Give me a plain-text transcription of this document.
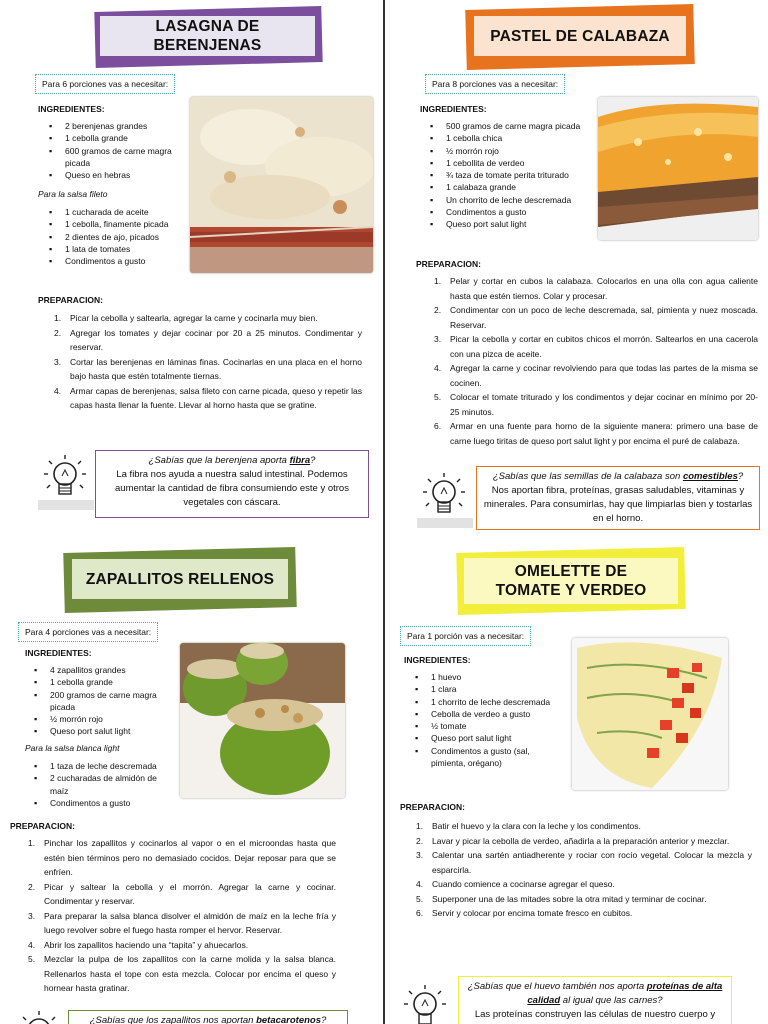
LASAGNA DE BERENJENAS
Para 6 porciones vas a necesitar:
INGREDIENTES:
▪ 2 berenjenas grandes
▪ 1 cebolla grande
▪ 600 gramos de carne magra picada
▪ Queso en hebras
Para la salsa fileto
▪ 1 cucharada de aceite
▪ 1 cebolla, finamente picada
▪ 2 dientes de ajo, picados
▪ 1 lata de tomates
▪ Condimentos a gusto
PREPARACION:
1. Picar la cebolla y saltearla, agregar la carne y cocinarla muy bien.
2. Agregar los tomates y dejar cocinar por 20 a 25 minutos. Condimentar y reservar.
3. Cortar las berenjenas en láminas finas. Cocinarlas en una placa en el horno bajo hasta que estén totalmente tiernas.
4. Armar capas de berenjenas, salsa fileto con carne picada, queso y repetir las capas hasta llenar la fuente. Llevar al horno hasta que se gratine.
¿Sabías que la berenjena aporta fibra?
La fibra nos ayuda a nuestra salud intestinal. Podemos aumentar la cantidad de fibra consumiendo este y otros vegetales con cáscara.
PASTEL DE CALABAZA
Para 8 porciones vas a necesitar:
INGREDIENTES:
▪ 500 gramos de carne magra picada
▪ 1 cebolla chica
▪ ½ morrón rojo
▪ 1 cebollita de verdeo
▪ ¾ taza de tomate perita triturado
▪ 1 calabaza grande
▪ Un chorrito de leche descremada
▪ Condimentos a gusto
▪ Queso port salut light
PREPARACION:
1. Pelar y cortar en cubos la calabaza. Colocarlos en una olla con agua caliente hasta que estén tiernos. Colar y procesar.
2. Condimentar con un poco de leche descremada, sal, pimienta y nuez moscada. Reservar.
3. Picar la cebolla y cortar en cubitos chicos el morrón. Saltearlos en una cacerola con una pizca de aceite.
4. Agregar la carne y cocinar revolviendo para que todas las partes de la misma se cocinen.
5. Colocar el tomate triturado y los condimentos y dejar cocinar en mínimo por 20-25 minutos.
6. Armar en una fuente para horno de la siguiente manera: primero una base de carne luego tiritas de queso port salut light y por encima el puré de calabaza.
¿Sabías que las semillas de la calabaza son comestibles?
Nos aportan fibra, proteínas, grasas saludables, vitaminas y minerales. Para consumirlas, hay que limpiarlas bien y tostarlas en el horno.
ZAPALLITOS RELLENOS
Para 4 porciones vas a necesitar:
INGREDIENTES:
▪ 4 zapallitos grandes
▪ 1 cebolla grande
▪ 200 gramos de carne magra picada
▪ ½ morrón rojo
▪ Queso port salut light
Para la salsa blanca light
▪ 1 taza de leche descremada
▪ 2 cucharadas de almidón de maíz
▪ Condimentos a gusto
PREPARACION:
1. Pinchar los zapallitos y cocinarlos al vapor o en el microondas hasta que estén bien términos pero no demasiado cocidos. Dejar reposar para que se enfríen.
2. Picar y saltear la cebolla y el morrón. Agregar la carne y cocinar. Condimentar y reservar.
3. Para preparar la salsa blanca disolver el almidón de maíz en la leche fría y luego revolver sobre el fuego hasta romper el hervor. Reservar.
4. Abrir los zapallitos haciendo una “tapita” y ahuecarlos.
5. Mezclar la pulpa de los zapallitos con la carne molida y la salsa blanca. Rellenarlos hasta el tope con esta mezcla. Colocar por encima el queso y hornear hasta gratinar.
¿Sabías que los zapallitos nos aportan betacarotenos?
OMELETTE DE
TOMATE Y VERDEO
Para 1 porción vas a necesitar:
INGREDIENTES:
▪ 1 huevo
▪ 1 clara
▪ 1 chorrito de leche descremada
▪ Cebolla de verdeo a gusto
▪ ½ tomate
▪ Queso port salut light
▪ Condimentos a gusto (sal, pimienta, orégano)
PREPARACION:
1. Batir el huevo y la clara con la leche y los condimentos.
2. Lavar y picar la cebolla de verdeo, añadirla a la preparación anterior y mezclar.
3. Calentar una sartén antiadherente y rociar con rocío vegetal. Colocar la mezcla y esparcirla.
4. Cuando comience a cocinarse agregar el queso.
5. Superponer una de las mitades sobre la otra mitad y terminar de cocinar.
6. Servir y colocar por encima tomate fresco en cubitos.
¿Sabías que el huevo también nos aporta proteínas de alta calidad al igual que las carnes?
Las proteínas construyen las células de nuestro cuerpo y
